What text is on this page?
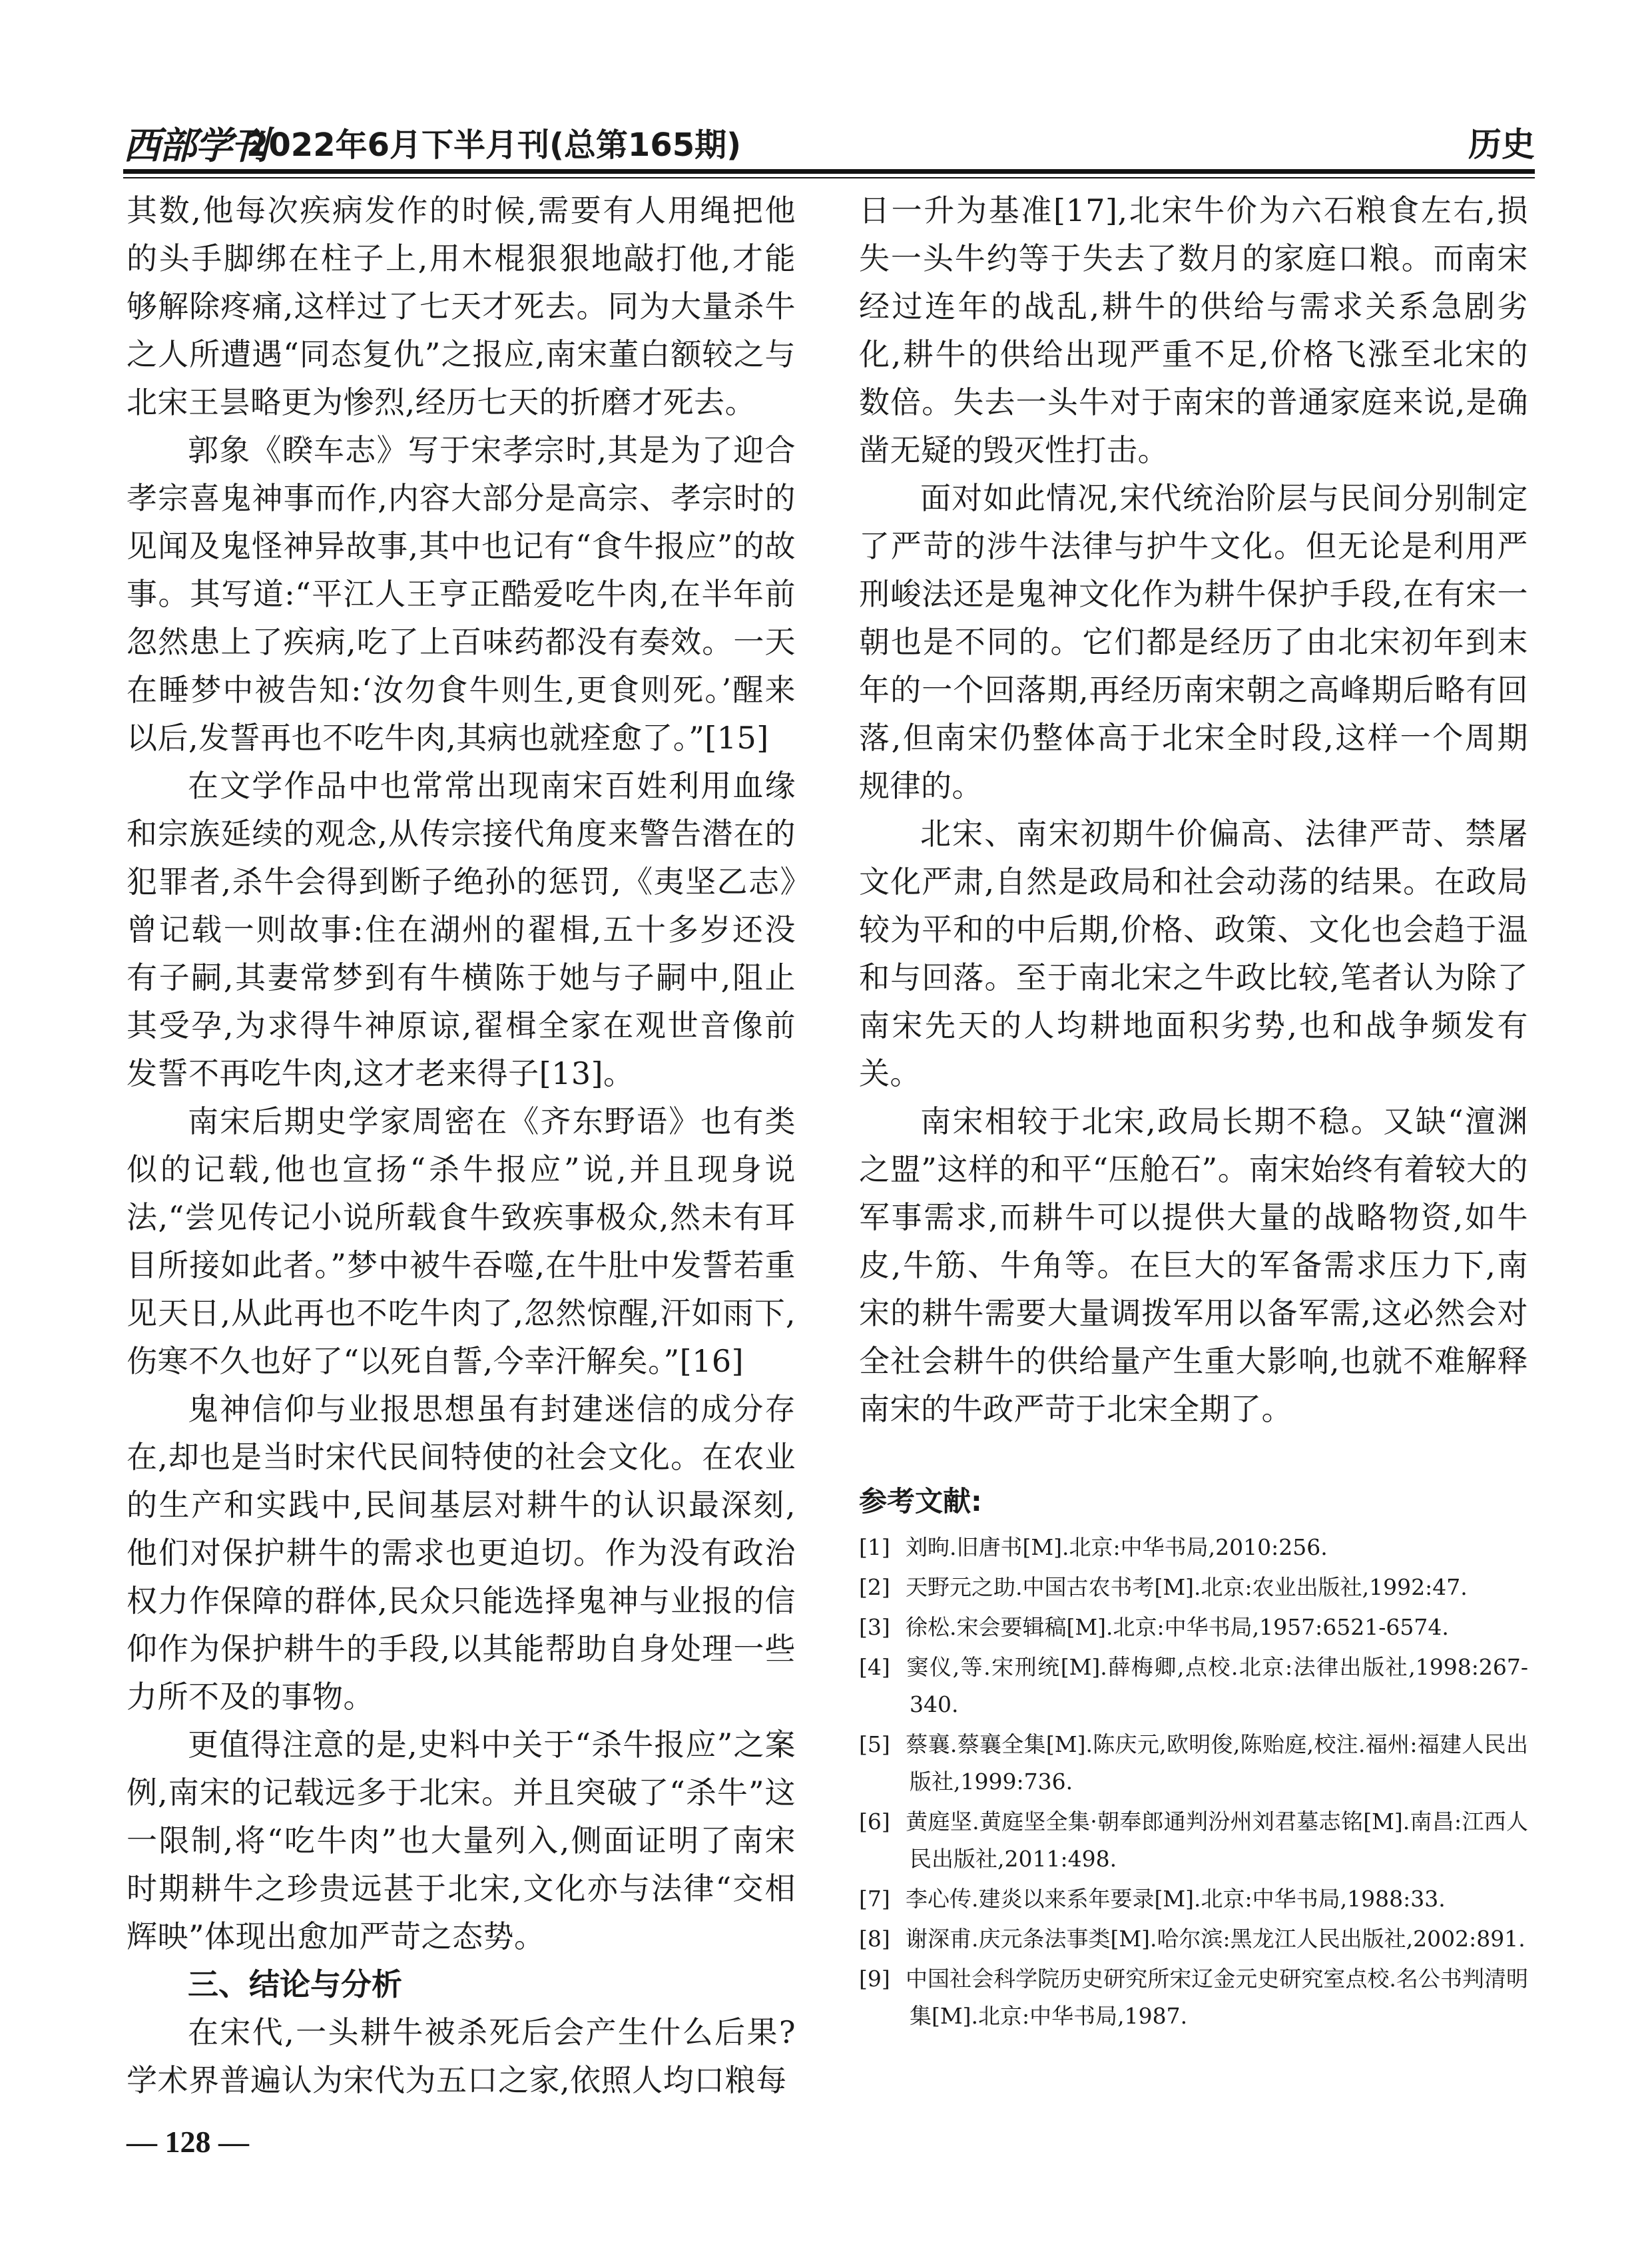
西部学刊
2022年6月下半月刊(总第165期)	历史

其数,他每次疾病发作的时候,需要有人用绳把他的头手脚绑在柱子上,用木棍狠狠地敲打他,才能够解除疼痛,这样过了七天才死去。同为大量杀牛之人所遭遇“同态复仇”之报应,南宋董白额较之与北宋王昙略更为惨烈,经历七天的折磨才死去。

郭象《睽车志》写于宋孝宗时,其是为了迎合孝宗喜鬼神事而作,内容大部分是高宗、孝宗时的见闻及鬼怪神异故事,其中也记有“食牛报应”的故事。其写道:“平江人王亨正酷爱吃牛肉,在半年前忽然患上了疾病,吃了上百味药都没有奏效。一天在睡梦中被告知:‘汝勿食牛则生,更食则死。’醒来以后,发誓再也不吃牛肉,其病也就痊愈了。”[15]

在文学作品中也常常出现南宋百姓利用血缘和宗族延续的观念,从传宗接代角度来警告潜在的犯罪者,杀牛会得到断子绝孙的惩罚,《夷坚乙志》曾记载一则故事:住在湖州的翟楫,五十多岁还没有子嗣,其妻常梦到有牛横陈于她与子嗣中,阻止其受孕,为求得牛神原谅,翟楫全家在观世音像前发誓不再吃牛肉,这才老来得子[13]。

南宋后期史学家周密在《齐东野语》也有类似的记载,他也宣扬“杀牛报应”说,并且现身说法,“尝见传记小说所载食牛致疾事极众,然未有耳目所接如此者。”梦中被牛吞噬,在牛肚中发誓若重见天日,从此再也不吃牛肉了,忽然惊醒,汗如雨下,伤寒不久也好了“以死自誓,今幸汗解矣。”[16]

鬼神信仰与业报思想虽有封建迷信的成分存在,却也是当时宋代民间特使的社会文化。在农业的生产和实践中,民间基层对耕牛的认识最深刻,他们对保护耕牛的需求也更迫切。作为没有政治权力作保障的群体,民众只能选择鬼神与业报的信仰作为保护耕牛的手段,以其能帮助自身处理一些力所不及的事物。

更值得注意的是,史料中关于“杀牛报应”之案例,南宋的记载远多于北宋。并且突破了“杀牛”这一限制,将“吃牛肉”也大量列入,侧面证明了南宋时期耕牛之珍贵远甚于北宋,文化亦与法律“交相辉映”体现出愈加严苛之态势。

三、结论与分析

在宋代,一头耕牛被杀死后会产生什么后果?学术界普遍认为宋代为五口之家,依照人均口粮每

日一升为基准[17],北宋牛价为六石粮食左右,损失一头牛约等于失去了数月的家庭口粮。而南宋经过连年的战乱,耕牛的供给与需求关系急剧劣化,耕牛的供给出现严重不足,价格飞涨至北宋的数倍。失去一头牛对于南宋的普通家庭来说,是确凿无疑的毁灭性打击。

面对如此情况,宋代统治阶层与民间分别制定了严苛的涉牛法律与护牛文化。但无论是利用严刑峻法还是鬼神文化作为耕牛保护手段,在有宋一朝也是不同的。它们都是经历了由北宋初年到末年的一个回落期,再经历南宋朝之高峰期后略有回落,但南宋仍整体高于北宋全时段,这样一个周期规律的。

北宋、南宋初期牛价偏高、法律严苛、禁屠文化严肃,自然是政局和社会动荡的结果。在政局较为平和的中后期,价格、政策、文化也会趋于温和与回落。至于南北宋之牛政比较,笔者认为除了南宋先天的人均耕地面积劣势,也和战争频发有关。

南宋相较于北宋,政局长期不稳。又缺“澶渊之盟”这样的和平“压舱石”。南宋始终有着较大的军事需求,而耕牛可以提供大量的战略物资,如牛皮,牛筋、牛角等。在巨大的军备需求压力下,南宋的耕牛需要大量调拨军用以备军需,这必然会对全社会耕牛的供给量产生重大影响,也就不难解释南宋的牛政严苛于北宋全期了。

参考文献:

[1] 刘昫.旧唐书[M].北京:中华书局,2010:256.

[2] 天野元之助.中国古农书考[M].北京:农业出版社,1992:47.

[3] 徐松.宋会要辑稿[M].北京:中华书局,1957:6521-6574.

[4] 窦仪,等.宋刑统[M].薛梅卿,点校.北京:法律出版社,1998:267-340.

[5] 蔡襄.蔡襄全集[M].陈庆元,欧明俊,陈贻庭,校注.福州:福建人民出版社,1999:736.

[6] 黄庭坚.黄庭坚全集·朝奉郎通判汾州刘君墓志铭[M].南昌:江西人民出版社,2011:498.

[7] 李心传.建炎以来系年要录[M].北京:中华书局,1988:33.

[8] 谢深甫.庆元条法事类[M].哈尔滨:黑龙江人民出版社,2002:891.

[9] 中国社会科学院历史研究所宋辽金元史研究室点校.名公书判清明集[M].北京:中华书局,1987.

— 128 —
